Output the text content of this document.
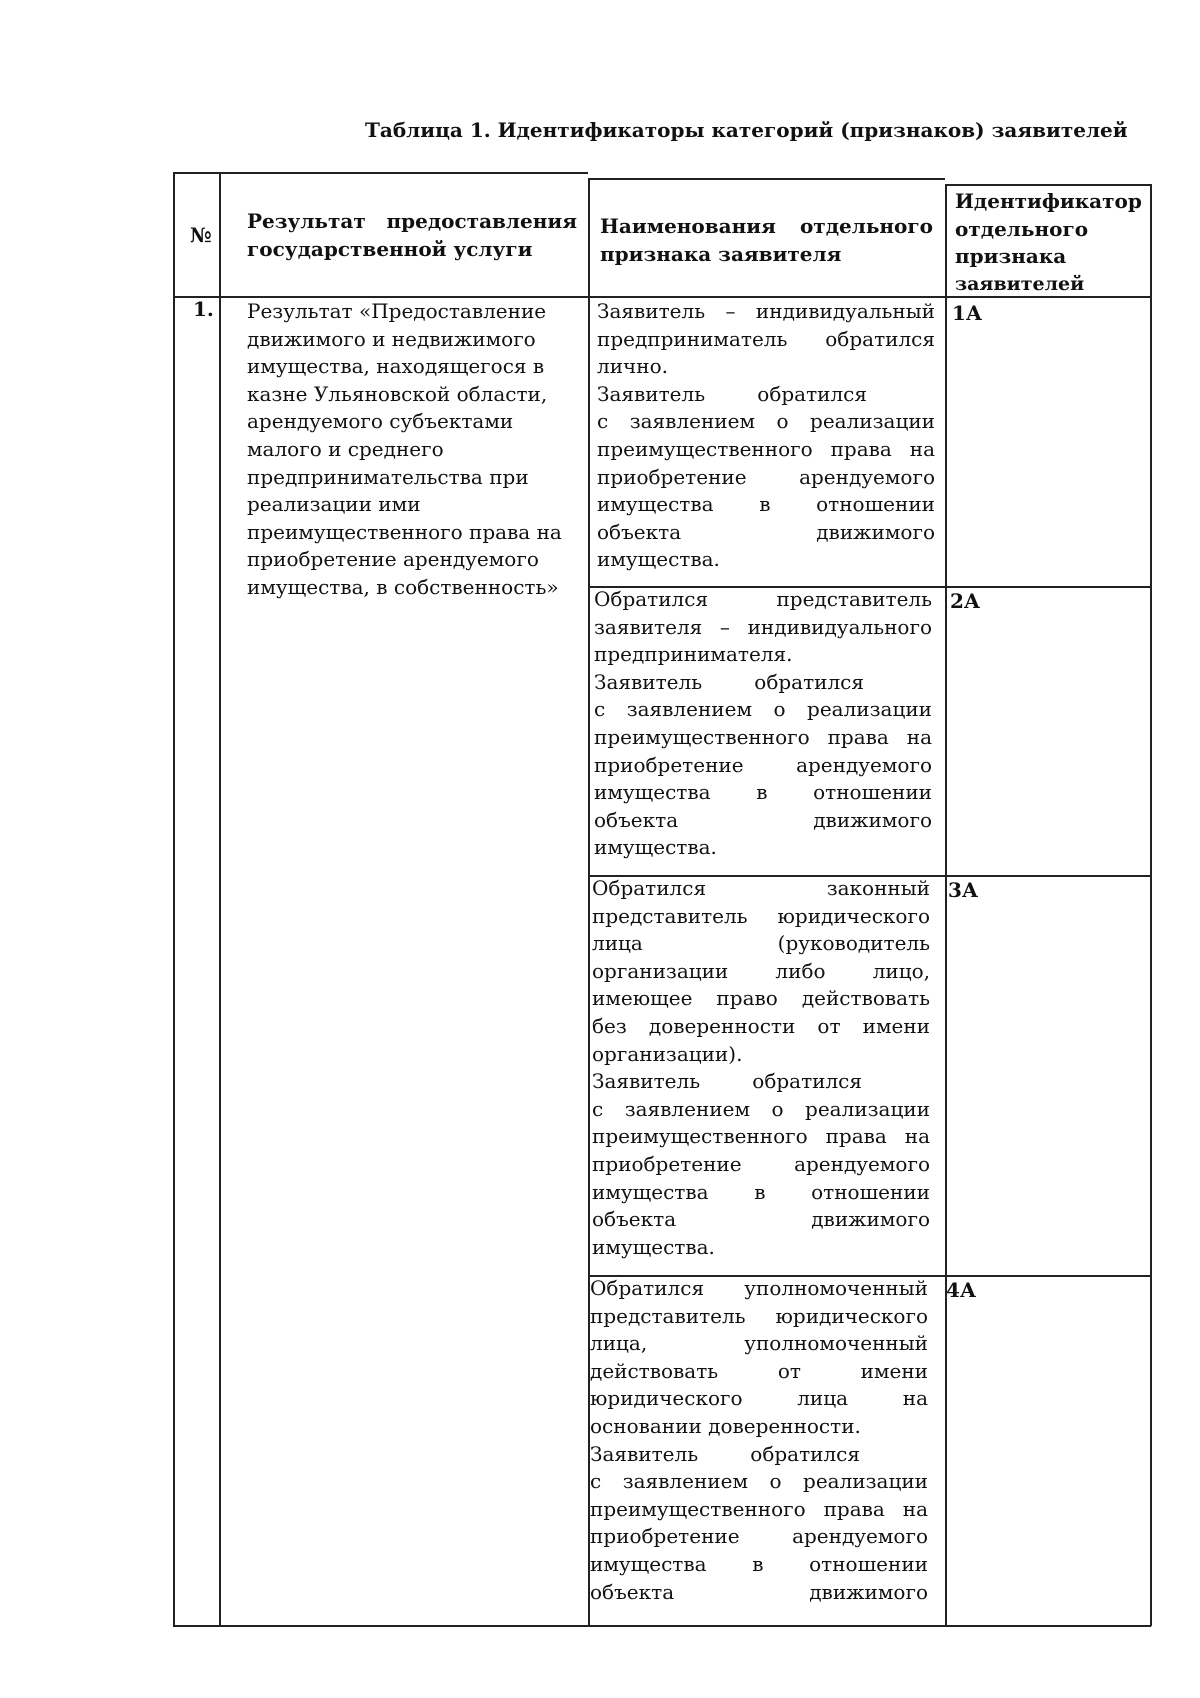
Таблица 1. Идентификаторы категорий (признаков) заявителей
№
Результат предоставления
государственной услуги
Наименования отдельного
признака заявителя
Идентификатор
отдельного
признака
заявителей
1. Результат «Предоставление
движимого и недвижимого
имущества, находящегося в
казне Ульяновской области,
арендуемого субъектами
малого и среднего
предпринимательства при
реализации ими
преимущественного права на
приобретение арендуемого
имущества, в собственность»
Заявитель – индивидуальный
предприниматель обратился
лично.
Заявитель обратился
с заявлением о реализации
преимущественного права на
приобретение арендуемого
имущества в отношении
объекта движимого
имущества.
1А
Обратился представитель
заявителя – индивидуального
предпринимателя.
Заявитель обратился
с заявлением о реализации
преимущественного права на
приобретение арендуемого
имущества в отношении
объекта движимого
имущества.
2А
Обратился законный
представитель юридического
лица (руководитель
организации либо лицо,
имеющее право действовать
без доверенности от имени
организации).
Заявитель обратился
с заявлением о реализации
преимущественного права на
приобретение арендуемого
имущества в отношении
объекта движимого
имущества.
3А
Обратился уполномоченный
представитель юридического
лица, уполномоченный
действовать от имени
юридического лица на
основании доверенности.
Заявитель обратился
с заявлением о реализации
преимущественного права на
приобретение арендуемого
имущества в отношении
объекта движимого
4А
